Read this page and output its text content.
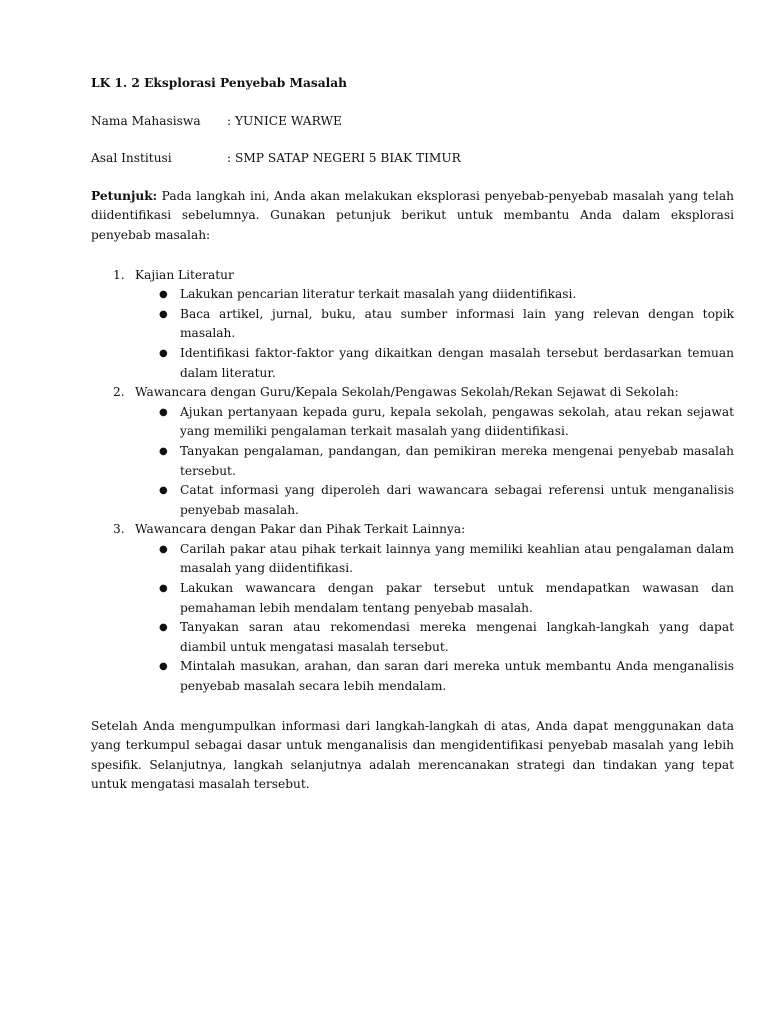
LK 1. 2 Eksplorasi Penyebab Masalah
Nama Mahasiswa	: YUNICE WARWE
Asal Institusi	: SMP SATAP NEGERI 5 BIAK TIMUR
Petunjuk: Pada langkah ini, Anda akan melakukan eksplorasi penyebab-penyebab masalah yang telah diidentifikasi sebelumnya. Gunakan petunjuk berikut untuk membantu Anda dalam eksplorasi penyebab masalah:
1. Kajian Literatur
● Lakukan pencarian literatur terkait masalah yang diidentifikasi.
● Baca artikel, jurnal, buku, atau sumber informasi lain yang relevan dengan topik masalah.
● Identifikasi faktor-faktor yang dikaitkan dengan masalah tersebut berdasarkan temuan dalam literatur.
2. Wawancara dengan Guru/Kepala Sekolah/Pengawas Sekolah/Rekan Sejawat di Sekolah:
● Ajukan pertanyaan kepada guru, kepala sekolah, pengawas sekolah, atau rekan sejawat yang memiliki pengalaman terkait masalah yang diidentifikasi.
● Tanyakan pengalaman, pandangan, dan pemikiran mereka mengenai penyebab masalah tersebut.
● Catat informasi yang diperoleh dari wawancara sebagai referensi untuk menganalisis penyebab masalah.
3. Wawancara dengan Pakar dan Pihak Terkait Lainnya:
● Carilah pakar atau pihak terkait lainnya yang memiliki keahlian atau pengalaman dalam masalah yang diidentifikasi.
● Lakukan wawancara dengan pakar tersebut untuk mendapatkan wawasan dan pemahaman lebih mendalam tentang penyebab masalah.
● Tanyakan saran atau rekomendasi mereka mengenai langkah-langkah yang dapat diambil untuk mengatasi masalah tersebut.
● Mintalah masukan, arahan, dan saran dari mereka untuk membantu Anda menganalisis penyebab masalah secara lebih mendalam.
Setelah Anda mengumpulkan informasi dari langkah-langkah di atas, Anda dapat menggunakan data yang terkumpul sebagai dasar untuk menganalisis dan mengidentifikasi penyebab masalah yang lebih spesifik. Selanjutnya, langkah selanjutnya adalah merencanakan strategi dan tindakan yang tepat untuk mengatasi masalah tersebut.
